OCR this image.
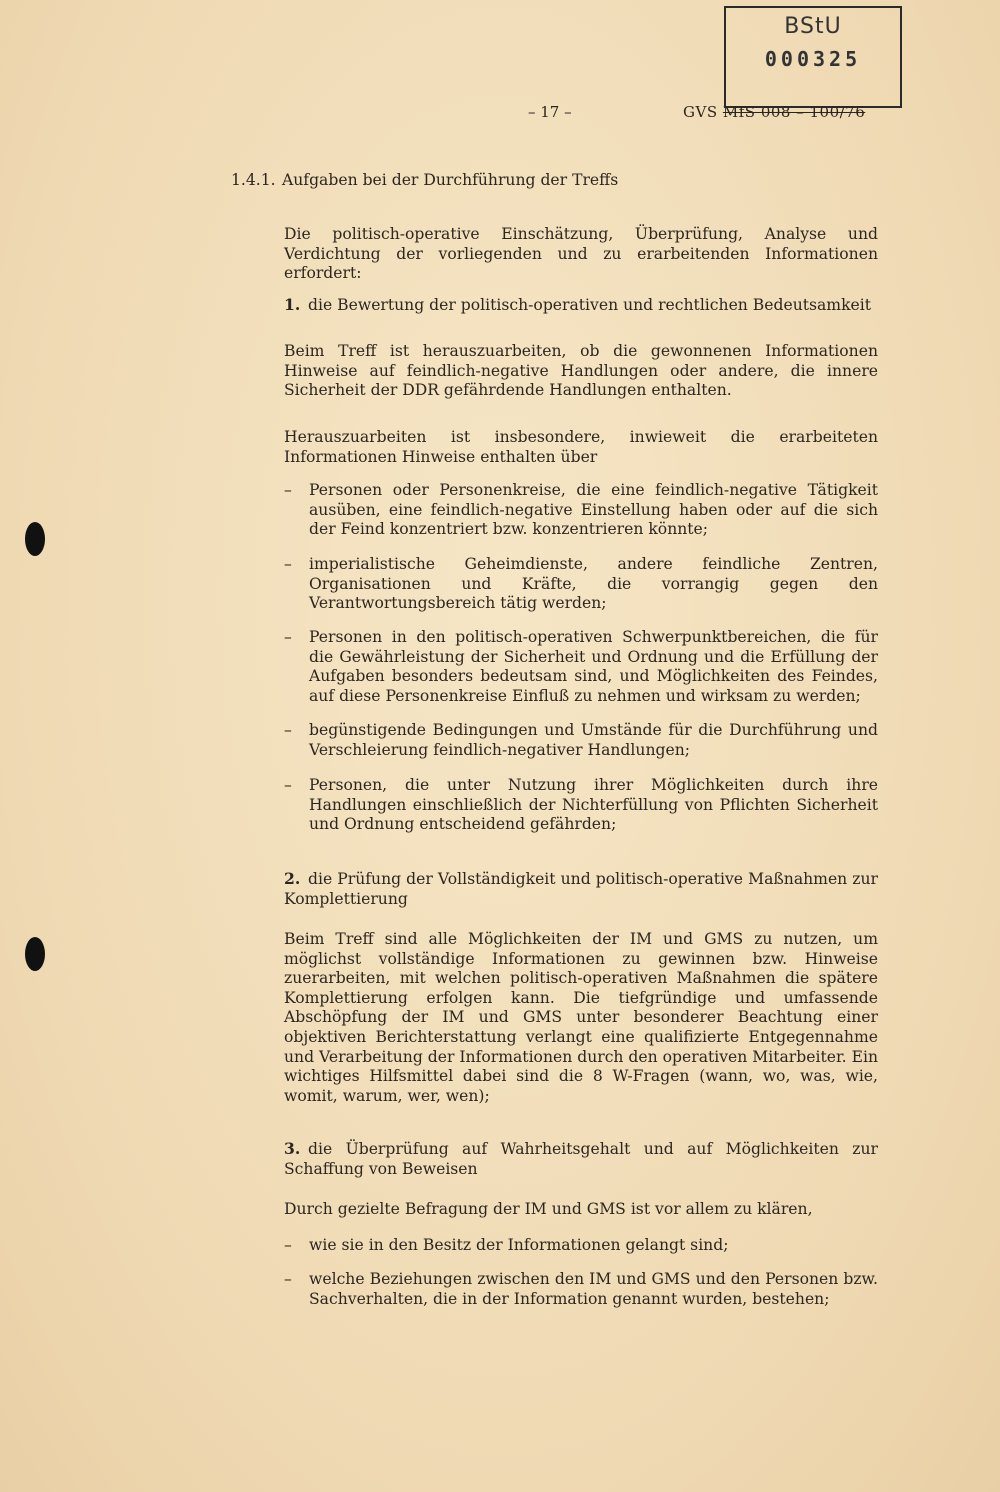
BStU
000325
– 17 –	GVS MfS 008 – 100/76
1.4.1. Aufgaben bei der Durchführung der Treffs

Die politisch-operative Einschätzung, Überprüfung, Analyse und Verdichtung der vorliegenden und zu erarbeitenden Informationen erfordert:

1. die Bewertung der politisch-operativen und rechtlichen Bedeutsamkeit

Beim Treff ist herauszuarbeiten, ob die gewonnenen Informationen Hinweise auf feindlich-negative Handlungen oder andere, die innere Sicherheit der DDR gefährdende Handlungen enthalten.

Herauszuarbeiten ist insbesondere, inwieweit die erarbeiteten Informationen Hinweise enthalten über

– Personen oder Personenkreise, die eine feindlich-negative Tätigkeit ausüben, eine feindlich-negative Einstellung haben oder auf die sich der Feind konzentriert bzw. konzentrieren könnte;
– imperialistische Geheimdienste, andere feindliche Zentren, Organisationen und Kräfte, die vorrangig gegen den Verantwortungsbereich tätig werden;
– Personen in den politisch-operativen Schwerpunktbereichen, die für die Gewährleistung der Sicherheit und Ordnung und die Erfüllung der Aufgaben besonders bedeutsam sind, und Möglichkeiten des Feindes, auf diese Personenkreise Einfluß zu nehmen und wirksam zu werden;
– begünstigende Bedingungen und Umstände für die Durchführung und Verschleierung feindlich-negativer Handlungen;
– Personen, die unter Nutzung ihrer Möglichkeiten durch ihre Handlungen einschließlich der Nichterfüllung von Pflichten Sicherheit und Ordnung entscheidend gefährden;
2. die Prüfung der Vollständigkeit und politisch-operative Maßnahmen zur Komplettierung

Beim Treff sind alle Möglichkeiten der IM und GMS zu nutzen, um möglichst vollständige Informationen zu gewinnen bzw. Hinweise zuerarbeiten, mit welchen politisch-operativen Maßnahmen die spätere Komplettierung erfolgen kann. Die tiefgründige und umfassende Abschöpfung der IM und GMS unter besonderer Beachtung einer objektiven Berichterstattung verlangt eine qualifizierte Entgegennahme und Verarbeitung der Informationen durch den operativen Mitarbeiter. Ein wichtiges Hilfsmittel dabei sind die 8 W-Fragen (wann, wo, was, wie, womit, warum, wer, wen);

3. die Überprüfung auf Wahrheitsgehalt und auf Möglichkeiten zur Schaffung von Beweisen

Durch gezielte Befragung der IM und GMS ist vor allem zu klären,

– wie sie in den Besitz der Informationen gelangt sind;
– welche Beziehungen zwischen den IM und GMS und den Personen bzw. Sachverhalten, die in der Information genannt wurden, bestehen;
